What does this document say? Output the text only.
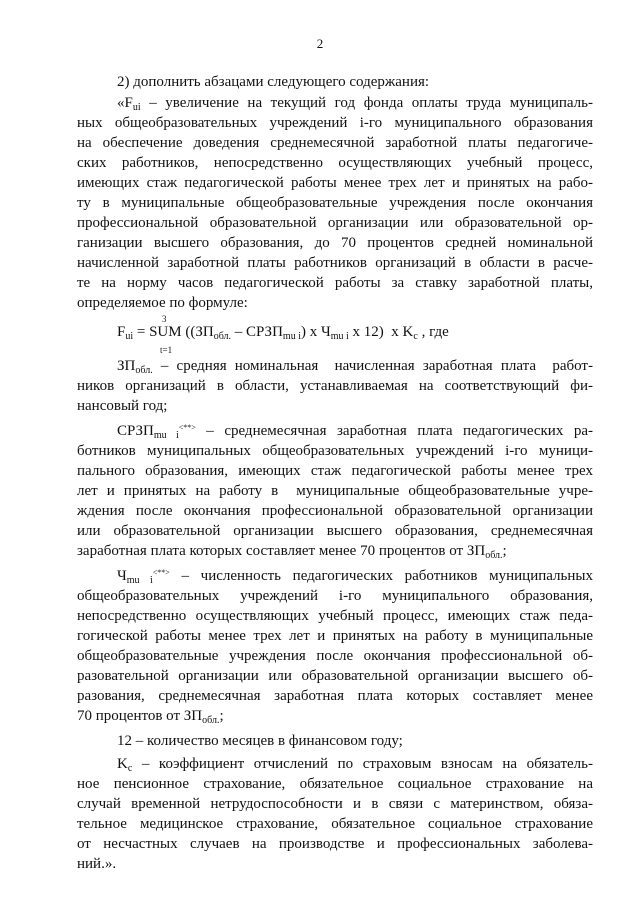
2
2) дополнить абзацами следующего содержания:
«$F_{ui}$ – увеличение на текущий год фонда оплаты труда муниципаль-
ных общеобразовательных учреждений i-го муниципального образования
на обеспечение доведения среднемесячной заработной платы педагогиче-
ских работников, непосредственно осуществляющих учебный процесс,
имеющих стаж педагогической работы менее трех лет и принятых на рабо-
ту в муниципальные общеобразовательные учреждения после окончания
профессиональной образовательной организации или образовательной ор-
ганизации высшего образования, до 70 процентов средней номинальной
начисленной заработной платы работников организаций в области в расче-
те на норму часов педагогической работы за ставку заработной платы,
определяемое по формуле:
3
$F_{ui}$ = SUM (($ЗП_{обл.}$ – $СРЗП_{mu i}$) x $Ч_{mu i}$ x 12)  x $K_c$ , где
t=1
$ЗП_{обл.}$ – средняя номинальная  начисленная заработная плата  работ-
ников организаций в области, устанавливаемая на соответствующий фи-
нансовый год;
$СРЗП_{mu i}^{<**>}$ – среднемесячная заработная плата педагогических ра-
ботников муниципальных общеобразовательных учреждений i-го муници-
пального образования, имеющих стаж педагогической работы менее трех
лет и принятых на работу в  муниципальные общеобразовательные учре-
ждения после окончания профессиональной образовательной организации
или образовательной организации высшего образования, среднемесячная
заработная плата которых составляет менее 70 процентов от $ЗП_{обл.}$;
$Ч_{mu i}^{<**>}$ – численность педагогических работников муниципальных
общеобразовательных   учреждений   i-го   муниципального   образования,
непосредственно осуществляющих учебный процесс, имеющих стаж педа-
гогической работы менее трех лет и принятых на работу в муниципальные
общеобразовательные учреждения после окончания профессиональной об-
разовательной организации или образовательной организации высшего об-
разования, среднемесячная заработная плата которых составляет менее
70 процентов от $ЗП_{обл.}$;
12 – количество месяцев в финансовом году;
$K_c$ – коэффициент отчислений по страховым взносам на обязатель-
ное пенсионное страхование, обязательное социальное страхование на
случай временной нетрудоспособности и в связи с материнством, обяза-
тельное медицинское страхование, обязательное социальное страхование
от несчастных случаев на производстве и профессиональных заболева-
ний.».
